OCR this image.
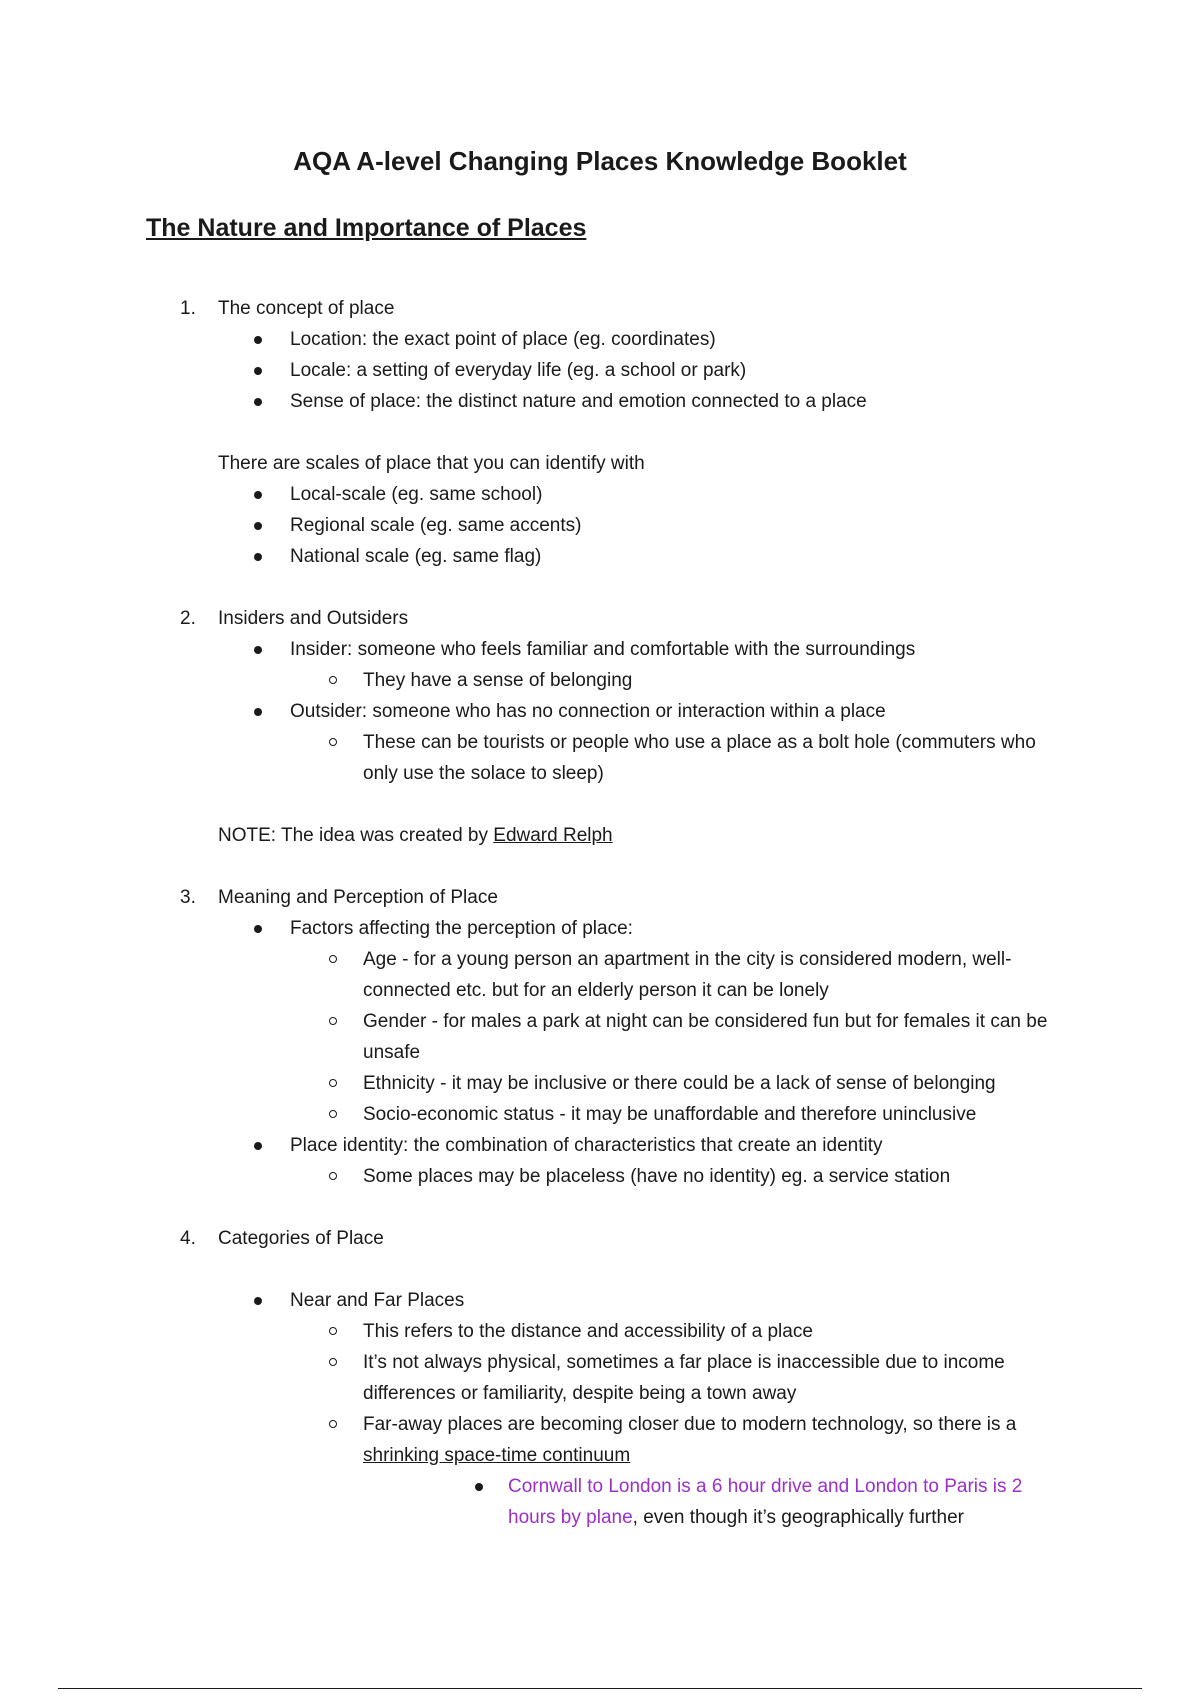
AQA A-level Changing Places Knowledge Booklet
The Nature and Importance of Places
1. The concept of place
Location: the exact point of place (eg. coordinates)
Locale: a setting of everyday life (eg. a school or park)
Sense of place: the distinct nature and emotion connected to a place
There are scales of place that you can identify with
Local-scale (eg. same school)
Regional scale (eg. same accents)
National scale (eg. same flag)
2. Insiders and Outsiders
Insider: someone who feels familiar and comfortable with the surroundings
They have a sense of belonging
Outsider: someone who has no connection or interaction within a place
These can be tourists or people who use a place as a bolt hole (commuters who only use the solace to sleep)
NOTE: The idea was created by Edward Relph
3. Meaning and Perception of Place
Factors affecting the perception of place:
Age - for a young person an apartment in the city is considered modern, well-connected etc. but for an elderly person it can be lonely
Gender - for males a park at night can be considered fun but for females it can be unsafe
Ethnicity - it may be inclusive or there could be a lack of sense of belonging
Socio-economic status - it may be unaffordable and therefore uninclusive
Place identity: the combination of characteristics that create an identity
Some places may be placeless (have no identity) eg. a service station
4. Categories of Place
Near and Far Places
This refers to the distance and accessibility of a place
It’s not always physical, sometimes a far place is inaccessible due to income differences or familiarity, despite being a town away
Far-away places are becoming closer due to modern technology, so there is a shrinking space-time continuum
Cornwall to London is a 6 hour drive and London to Paris is 2 hours by plane, even though it’s geographically further
